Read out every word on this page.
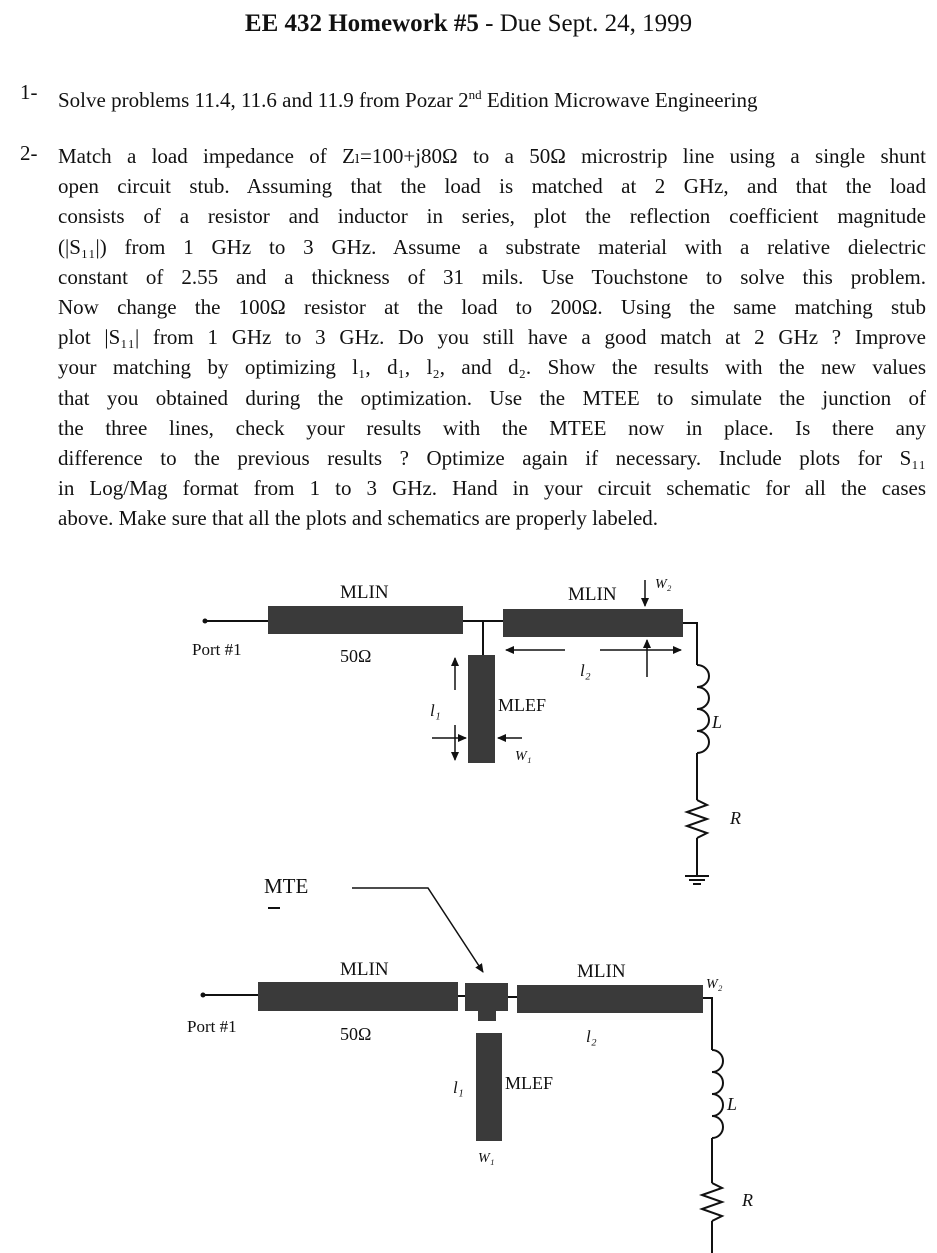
EE 432 Homework #5 - Due Sept. 24, 1999
1- Solve problems 11.4, 11.6 and 11.9 from Pozar 2nd Edition Microwave Engineering
2- Match a load impedance of Zₗ=100+j80Ω to a 50Ω microstrip line using a single shunt
open circuit stub. Assuming that the load is matched at 2 GHz, and that the load
consists of a resistor and inductor in series, plot the reflection coefficient magnitude
(|S₁₁|) from 1 GHz to 3 GHz. Assume a substrate material with a relative dielectric
constant of 2.55 and a thickness of 31 mils. Use Touchstone to solve this problem.
Now change the 100Ω resistor at the load to 200Ω. Using the same matching stub
plot |S₁₁| from 1 GHz to 3 GHz. Do you still have a good match at 2 GHz ? Improve
your matching by optimizing l₁, d₁, l₂, and d₂. Show the results with the new values
that you obtained during the optimization. Use the MTEE to simulate the junction of
the three lines, check your results with the MTEE now in place. Is there any
difference to the previous results ? Optimize again if necessary. Include plots for S₁₁
in Log/Mag format from 1 to 3 GHz. Hand in your circuit schematic for all the cases
above. Make sure that all the plots and schematics are properly labeled.
MLIN	MLIN	W₂
Port #1	50Ω
l₂
l₁	MLEF
W₁
L
R
MTE
MLIN	MLIN
W₂
Port #1	50Ω	l₂
l₁ MLEF
W₁
L
R
